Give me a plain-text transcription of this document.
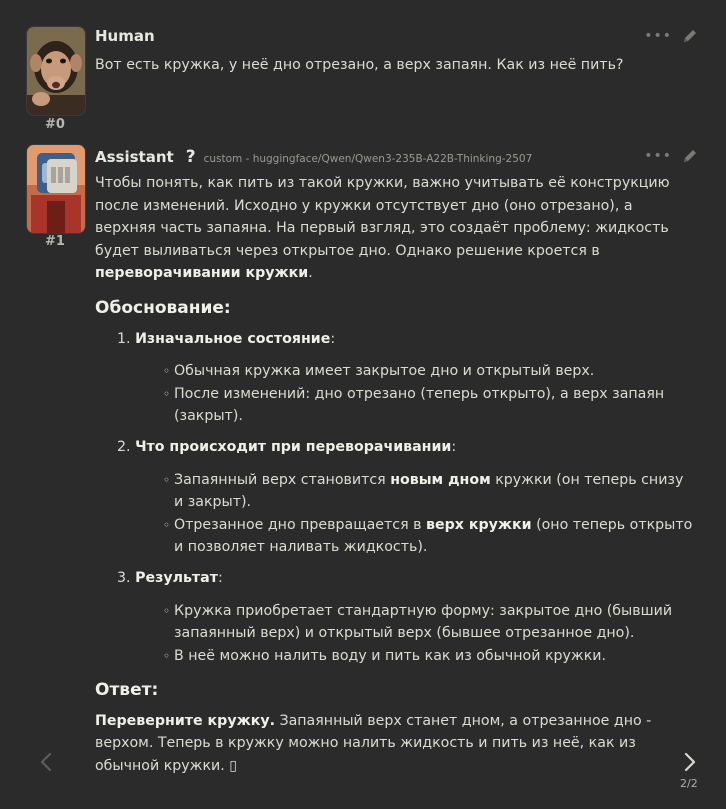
#0
Human	•••

Вот есть кружка, у неё дно отрезано, а верх запаян. Как из неё пить?

#1
Assistant ? custom - huggingface/Qwen/Qwen3-235B-A22B-Thinking-2507	•••

Чтобы понять, как пить из такой кружки, важно учитывать её конструкцию после изменений. Исходно у кружки отсутствует дно (оно отрезано), а верхняя часть запаяна. На первый взгляд, это создаёт проблему: жидкость будет выливаться через открытое дно. Однако решение кроется в переворачивании кружки.

Обоснование:
1. Изначальное состояние:
◦ Обычная кружка имеет закрытое дно и открытый верх.
◦ После изменений: дно отрезано (теперь открыто), а верх запаян (закрыт).
2. Что происходит при переворачивании:
◦ Запаянный верх становится новым дном кружки (он теперь снизу и закрыт).
◦ Отрезанное дно превращается в верх кружки (оно теперь открыто и позволяет наливать жидкость).
3. Результат:
◦ Кружка приобретает стандартную форму: закрытое дно (бывший запаянный верх) и открытый верх (бывшее отрезанное дно).
◦ В неё можно налить воду и пить как из обычной кружки.
Ответ:

Переверните кружку. Запаянный верх станет дном, а отрезанное дно - верхом. Теперь в кружку можно налить жидкость и пить из неё, как из обычной кружки. ▯

2/2
